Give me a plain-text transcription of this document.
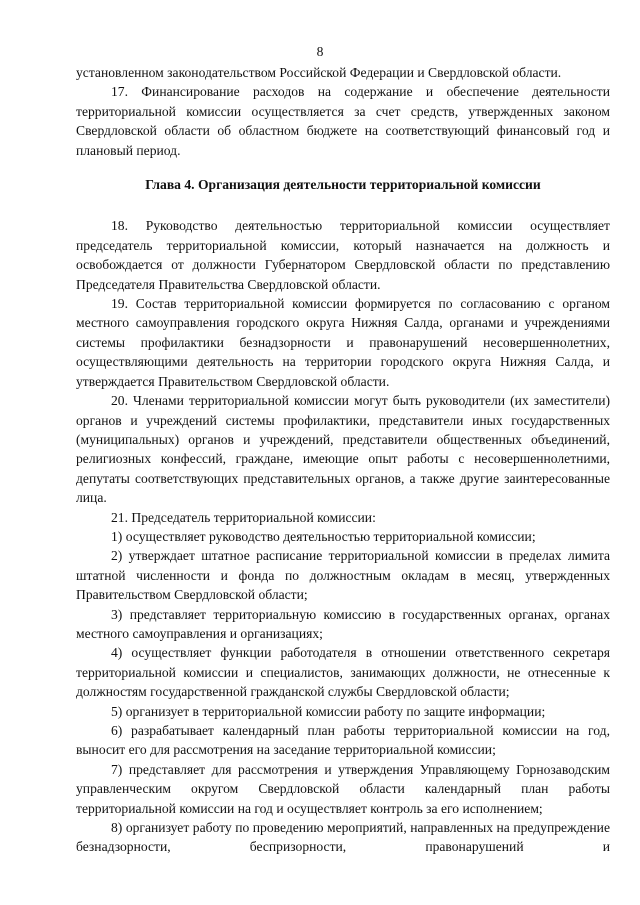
8

установленном законодательством Российской Федерации и Свердловской области.

17. Финансирование расходов на содержание и обеспечение деятельности территориальной комиссии осуществляется за счет средств, утвержденных законом Свердловской области об областном бюджете на соответствующий финансовый год и плановый период.

Глава 4. Организация деятельности территориальной комиссии

18. Руководство деятельностью территориальной комиссии осуществляет председатель территориальной комиссии, который назначается на должность и освобождается от должности Губернатором Свердловской области по представлению Председателя Правительства Свердловской области.

19. Состав территориальной комиссии формируется по согласованию с органом местного самоуправления городского округа Нижняя Салда, органами и учреждениями системы профилактики безнадзорности и правонарушений несовершеннолетних, осуществляющими деятельность на территории городского округа Нижняя Салда, и утверждается Правительством Свердловской области.

20. Членами территориальной комиссии могут быть руководители (их заместители) органов и учреждений системы профилактики, представители иных государственных (муниципальных) органов и учреждений, представители общественных объединений, религиозных конфессий, граждане, имеющие опыт работы с несовершеннолетними, депутаты соответствующих представительных органов, а также другие заинтересованные лица.

21. Председатель территориальной комиссии:

1) осуществляет руководство деятельностью территориальной комиссии;

2) утверждает штатное расписание территориальной комиссии в пределах лимита штатной численности и фонда по должностным окладам в месяц, утвержденных Правительством Свердловской области;

3) представляет территориальную комиссию в государственных органах, органах местного самоуправления и организациях;

4) осуществляет функции работодателя в отношении ответственного секретаря территориальной комиссии и специалистов, занимающих должности, не отнесенные к должностям государственной гражданской службы Свердловской области;

5) организует в территориальной комиссии работу по защите информации;

6) разрабатывает календарный план работы территориальной комиссии на год, выносит его для рассмотрения на заседание территориальной комиссии;

7) представляет для рассмотрения и утверждения Управляющему Горнозаводским управленческим округом Свердловской области календарный план работы территориальной комиссии на год и осуществляет контроль за его исполнением;

8) организует работу по проведению мероприятий, направленных на предупреждение безнадзорности, беспризорности, правонарушений и
